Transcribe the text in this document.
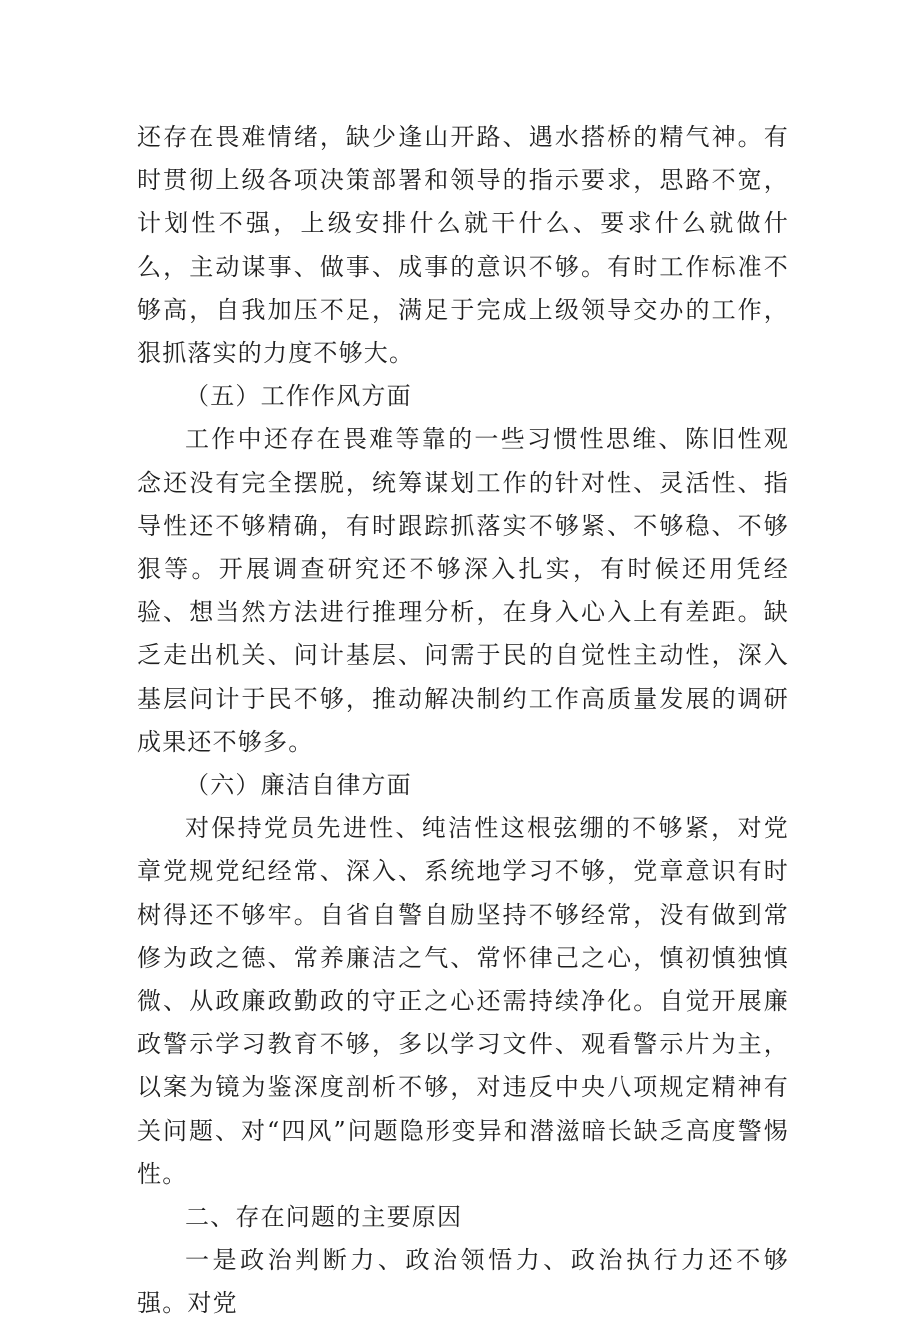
还存在畏难情绪，缺少逢山开路、遇水搭桥的精气神。有时贯彻上级各项决策部署和领导的指示要求，思路不宽，计划性不强，上级安排什么就干什么、要求什么就做什么，主动谋事、做事、成事的意识不够。有时工作标准不够高，自我加压不足，满足于完成上级领导交办的工作，狠抓落实的力度不够大。

（五）工作作风方面

工作中还存在畏难等靠的一些习惯性思维、陈旧性观念还没有完全摆脱，统筹谋划工作的针对性、灵活性、指导性还不够精确，有时跟踪抓落实不够紧、不够稳、不够狠等。开展调查研究还不够深入扎实，有时候还用凭经验、想当然方法进行推理分析，在身入心入上有差距。缺乏走出机关、问计基层、问需于民的自觉性主动性，深入基层问计于民不够，推动解决制约工作高质量发展的调研成果还不够多。

（六）廉洁自律方面

对保持党员先进性、纯洁性这根弦绷的不够紧，对党章党规党纪经常、深入、系统地学习不够，党章意识有时树得还不够牢。自省自警自励坚持不够经常，没有做到常修为政之德、常养廉洁之气、常怀律己之心，慎初慎独慎微、从政廉政勤政的守正之心还需持续净化。自觉开展廉政警示学习教育不够，多以学习文件、观看警示片为主，以案为镜为鉴深度剖析不够，对违反中央八项规定精神有关问题、对“四风”问题隐形变异和潜滋暗长缺乏高度警惕性。

二、存在问题的主要原因

一是政治判断力、政治领悟力、政治执行力还不够强。对党
